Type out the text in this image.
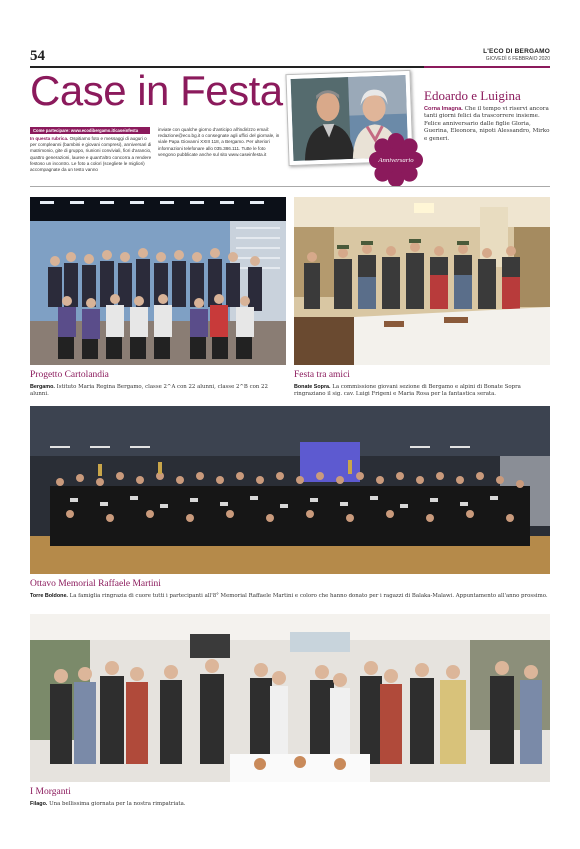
54	L'ECO DI BERGAMO
GIOVEDÌ 6 FEBBRAIO 2020
Case in Festa
Come partecipare: www.ecodibergamo.it/caseinfesta

In questa rubrica. Ospitiamo foto e messaggi di auguri o per compleanni (bambini e giovani compresi), anniversari di matrimonio, gite di gruppo, riunioni conviviali, fiori d'arancio, quattro generazioni, lauree e quant'altro concorra a rendere festoso un incontro. Le foto a colori (scegliete le migliori) accompagnate da un testo vanno

inviate con qualche giorno d'anticipo all'indirizzo email: redazione@eco.bg.it o consegnate agli uffici del giornale, in viale Papa Giovanni XXIII 118, a Bergamo. Per ulteriori informazioni telefonare allo 035.386.111. Tutte le foto vengono pubblicate anche sul sito www.caseinfesta.it

Anniversario
Edoardo e Luigina

Corna Imagna. Che il tempo vi riservi ancora tanti giorni felici da trascorrere insieme. Felice anniversario dalle figlie Gloria, Guerina, Eleonora, nipoti Alessandro, Mirko e generi.

Progetto Cartolandia

Bergamo. Istituto Maria Regina Bergamo, classe 2^A con 22 alunni, classe 2^B con 22 alunni.

Festa tra amici

Bonate Sopra. La commissione giovani sezione di Bergamo e alpini di Bonate Sopra ringraziano il sig. cav. Luigi Frigeni e Maria Rosa per la fantastica serata.

Ottavo Memorial Raffaele Martini

Torre Boldone. La famiglia ringrazia di cuore tutti i partecipanti all'8° Memorial Raffaele Martini e coloro che hanno donato per i ragazzi di Balaka-Malawi. Appuntamento all'anno prossimo.

I Morganti

Filago. Una bellissima giornata per la nostra rimpatriata.
